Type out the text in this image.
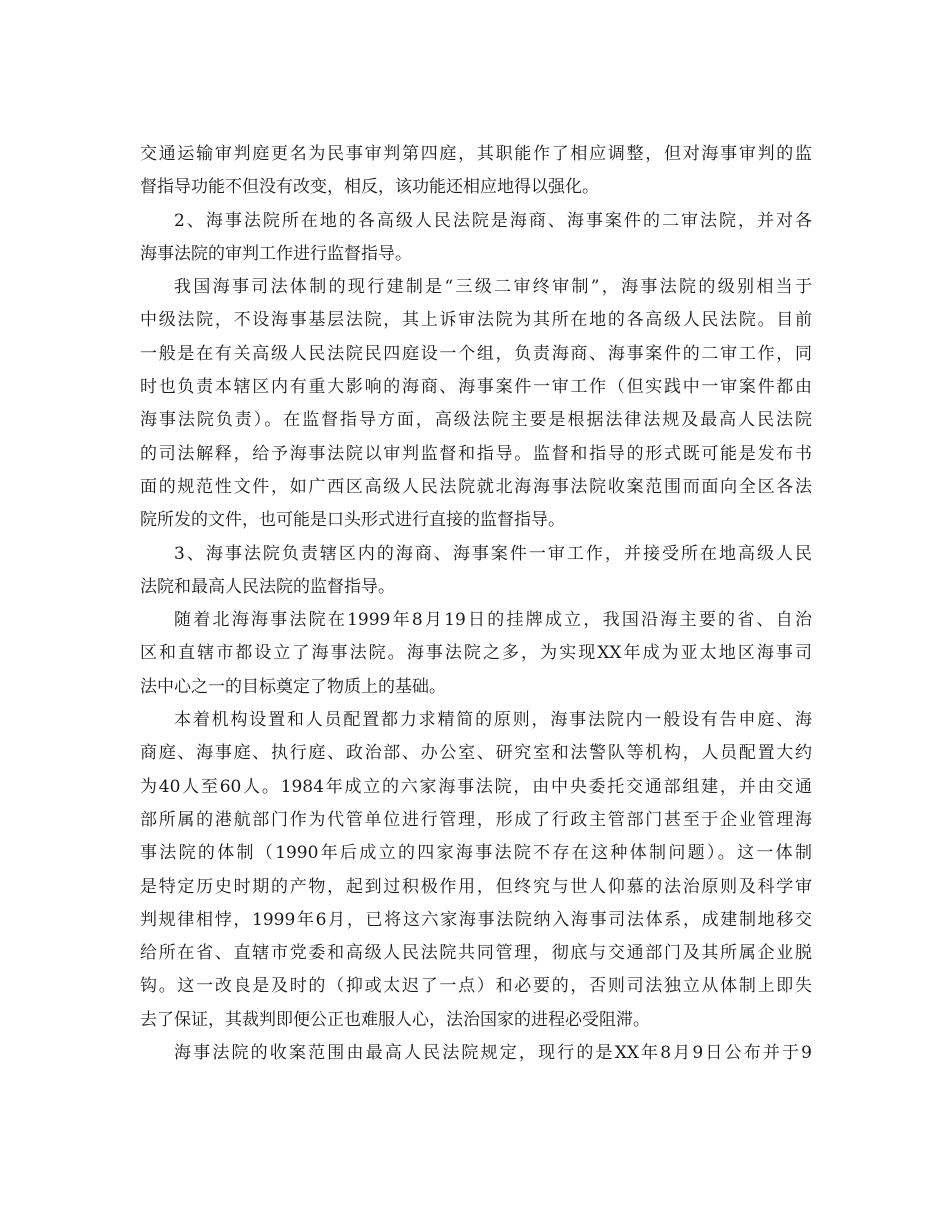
交通运输审判庭更名为民事审判第四庭，其职能作了相应调整，但对海事审判的监
督指导功能不但没有改变，相反，该功能还相应地得以强化。
2、海事法院所在地的各高级人民法院是海商、海事案件的二审法院，并对各
海事法院的审判工作进行监督指导。
我国海事司法体制的现行建制是“三级二审终审制”，海事法院的级别相当于
中级法院，不设海事基层法院，其上诉审法院为其所在地的各高级人民法院。目前
一般是在有关高级人民法院民四庭设一个组，负责海商、海事案件的二审工作，同
时也负责本辖区内有重大影响的海商、海事案件一审工作（但实践中一审案件都由
海事法院负责）。在监督指导方面，高级法院主要是根据法律法规及最高人民法院
的司法解释，给予海事法院以审判监督和指导。监督和指导的形式既可能是发布书
面的规范性文件，如广西区高级人民法院就北海海事法院收案范围而面向全区各法
院所发的文件，也可能是口头形式进行直接的监督指导。
3、海事法院负责辖区内的海商、海事案件一审工作，并接受所在地高级人民
法院和最高人民法院的监督指导。
随着北海海事法院在1999年8月19日的挂牌成立，我国沿海主要的省、自治
区和直辖市都设立了海事法院。海事法院之多，为实现XX年成为亚太地区海事司
法中心之一的目标奠定了物质上的基础。
本着机构设置和人员配置都力求精简的原则，海事法院内一般设有告申庭、海
商庭、海事庭、执行庭、政治部、办公室、研究室和法警队等机构，人员配置大约
为40人至60人。1984年成立的六家海事法院，由中央委托交通部组建，并由交通
部所属的港航部门作为代管单位进行管理，形成了行政主管部门甚至于企业管理海
事法院的体制（1990年后成立的四家海事法院不存在这种体制问题）。这一体制
是特定历史时期的产物，起到过积极作用，但终究与世人仰慕的法治原则及科学审
判规律相悖，1999年6月，已将这六家海事法院纳入海事司法体系，成建制地移交
给所在省、直辖市党委和高级人民法院共同管理，彻底与交通部门及其所属企业脱
钩。这一改良是及时的（抑或太迟了一点）和必要的，否则司法独立从体制上即失
去了保证，其裁判即便公正也难服人心，法治国家的进程必受阻滞。
海事法院的收案范围由最高人民法院规定，现行的是XX年8月9日公布并于9
